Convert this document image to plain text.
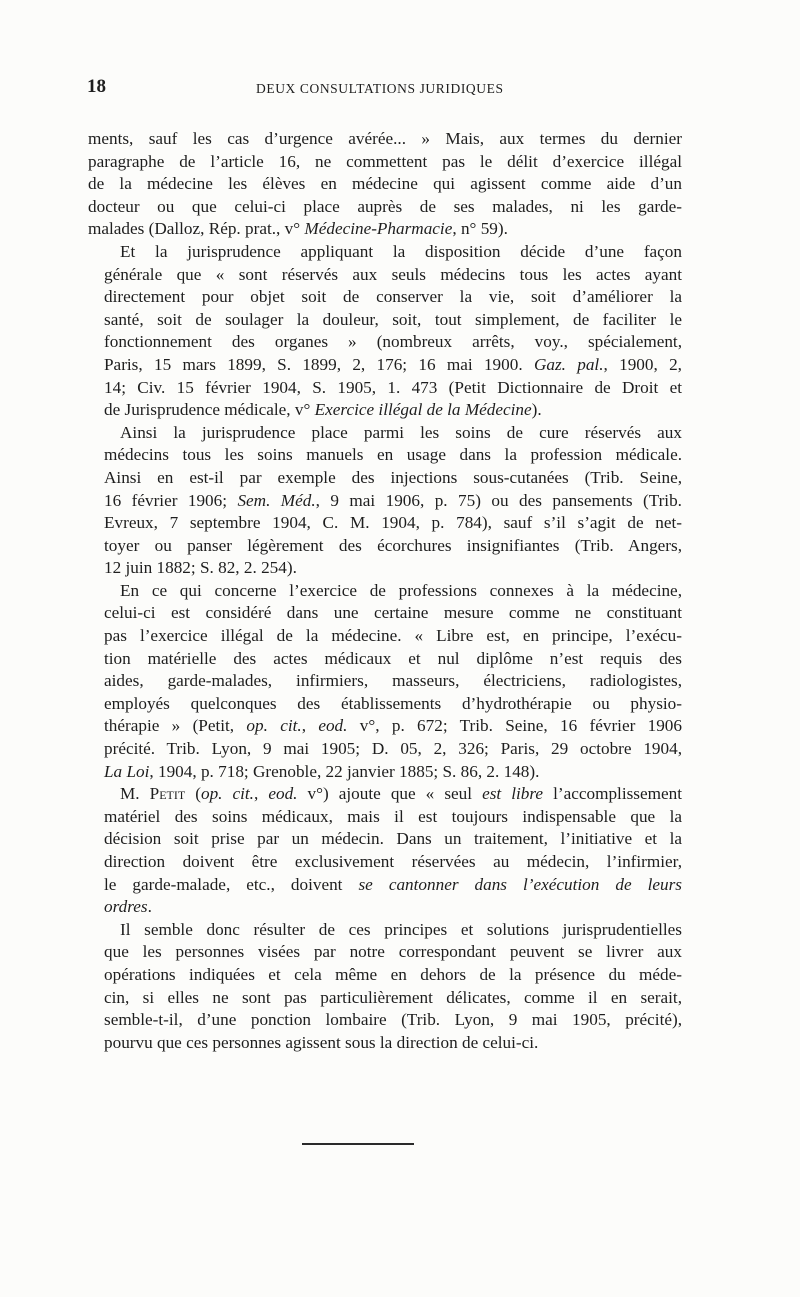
18	DEUX CONSULTATIONS JURIDIQUES
ments, sauf les cas d’urgence avérée... » Mais, aux termes du dernier
paragraphe de l’article 16, ne commettent pas le délit d’exercice illégal
de la médecine les élèves en médecine qui agissent comme aide d’un
docteur ou que celui-ci place auprès de ses malades, ni les garde-
malades (Dalloz, Rép. prat., v° Médecine-Pharmacie, n° 59).
Et la jurisprudence appliquant la disposition décide d’une façon
générale que « sont réservés aux seuls médecins tous les actes ayant
directement pour objet soit de conserver la vie, soit d’améliorer la
santé, soit de soulager la douleur, soit, tout simplement, de faciliter le
fonctionnement des organes » (nombreux arrêts, voy., spécialement,
Paris, 15 mars 1899, S. 1899, 2, 176; 16 mai 1900. Gaz. pal., 1900, 2,
14; Civ. 15 février 1904, S. 1905, 1. 473 (Petit Dictionnaire de Droit et
de Jurisprudence médicale, v° Exercice illégal de la Médecine).
Ainsi la jurisprudence place parmi les soins de cure réservés aux
médecins tous les soins manuels en usage dans la profession médicale.
Ainsi en est-il par exemple des injections sous-cutanées (Trib. Seine,
16 février 1906; Sem. Méd., 9 mai 1906, p. 75) ou des pansements (Trib.
Evreux, 7 septembre 1904, C. M. 1904, p. 784), sauf s’il s’agit de net-
toyer ou panser légèrement des écorchures insignifiantes (Trib. Angers,
12 juin 1882; S. 82, 2. 254).
En ce qui concerne l’exercice de professions connexes à la médecine,
celui-ci est considéré dans une certaine mesure comme ne constituant
pas l’exercice illégal de la médecine. « Libre est, en principe, l’exécu-
tion matérielle des actes médicaux et nul diplôme n’est requis des
aides, garde-malades, infirmiers, masseurs, électriciens, radiologistes,
employés quelconques des établissements d’hydrothérapie ou physio-
thérapie » (Petit, op. cit., eod. v°, p. 672; Trib. Seine, 16 février 1906
précité. Trib. Lyon, 9 mai 1905; D. 05, 2, 326; Paris, 29 octobre 1904,
La Loi, 1904, p. 718; Grenoble, 22 janvier 1885; S. 86, 2. 148).
M. Petit (op. cit., eod. v°) ajoute que « seul est libre l’accomplissement
matériel des soins médicaux, mais il est toujours indispensable que la
décision soit prise par un médecin. Dans un traitement, l’initiative et la
direction doivent être exclusivement réservées au médecin, l’infirmier,
le garde-malade, etc., doivent se cantonner dans l’exécution de leurs
ordres.
Il semble donc résulter de ces principes et solutions jurisprudentielles
que les personnes visées par notre correspondant peuvent se livrer aux
opérations indiquées et cela même en dehors de la présence du méde-
cin, si elles ne sont pas particulièrement délicates, comme il en serait,
semble-t-il, d’une ponction lombaire (Trib. Lyon, 9 mai 1905, précité),
pourvu que ces personnes agissent sous la direction de celui-ci.
